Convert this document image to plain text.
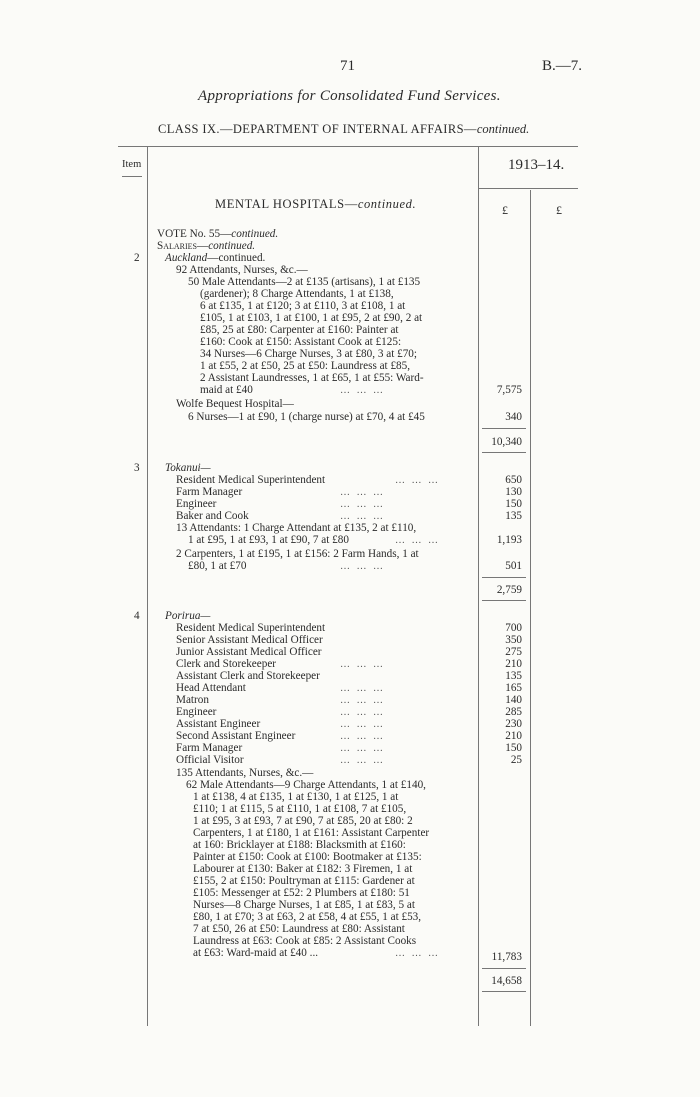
71	B.—7.
Appropriations for Consolidated Fund Services.
CLASS IX.—DEPARTMENT OF INTERNAL AFFAIRS—continued.
Item	1913–14.
MENTAL HOSPITALS—continued.	£	£
VOTE No. 55—continued.
Salaries—continued.
2 Auckland—continued.
92 Attendants, Nurses, &c.—
50 Male Attendants—2 at £135 (artisans), 1 at £135
(gardener); 8 Charge Attendants, 1 at £138,
6 at £135, 1 at £120; 3 at £110, 3 at £108, 1 at
£105, 1 at £103, 1 at £100, 1 at £95, 2 at £90, 2 at
£85, 25 at £80: Carpenter at £160: Painter at
£160: Cook at £150: Assistant Cook at £125:
34 Nurses—6 Charge Nurses, 3 at £80, 3 at £70;
1 at £55, 2 at £50, 25 at £50: Laundress at £85,
2 Assistant Laundresses, 1 at £65, 1 at £55: Ward-
maid at £40	… … …	7,575
Wolfe Bequest Hospital—
6 Nurses—1 at £90, 1 (charge nurse) at £70, 4 at £45	340
10,340
3 Tokanui—
Resident Medical Superintendent	… … …	650
Farm Manager	… … …	130
Engineer	… … …	150
Baker and Cook	… … …	135
13 Attendants: 1 Charge Attendant at £135, 2 at £110,
1 at £95, 1 at £93, 1 at £90, 7 at £80	… … …	1,193
2 Carpenters, 1 at £195, 1 at £156: 2 Farm Hands, 1 at
£80, 1 at £70	… … …	501
2,759
4 Porirua—
Resident Medical Superintendent	700
Senior Assistant Medical Officer	350
Junior Assistant Medical Officer	275
Clerk and Storekeeper	… … …	210
Assistant Clerk and Storekeeper	135
Head Attendant	… … …	165
Matron	… … …	140
Engineer	… … …	285
Assistant Engineer	… … …	230
Second Assistant Engineer	… … …	210
Farm Manager	… … …	150
Official Visitor	… … …	25
135 Attendants, Nurses, &c.—
62 Male Attendants—9 Charge Attendants, 1 at £140,
1 at £138, 4 at £135, 1 at £130, 1 at £125, 1 at
£110; 1 at £115, 5 at £110, 1 at £108, 7 at £105,
1 at £95, 3 at £93, 7 at £90, 7 at £85, 20 at £80: 2
Carpenters, 1 at £180, 1 at £161: Assistant Carpenter
at 160: Bricklayer at £188: Blacksmith at £160:
Painter at £150: Cook at £100: Bootmaker at £135:
Labourer at £130: Baker at £182: 3 Firemen, 1 at
£155, 2 at £150: Poultryman at £115: Gardener at
£105: Messenger at £52: 2 Plumbers at £180: 51
Nurses—8 Charge Nurses, 1 at £85, 1 at £83, 5 at
£80, 1 at £70; 3 at £63, 2 at £58, 4 at £55, 1 at £53,
7 at £50, 26 at £50: Laundress at £80: Assistant
Laundress at £63: Cook at £85: 2 Assistant Cooks
at £63: Ward-maid at £40 ...	… … …	11,783
14,658
